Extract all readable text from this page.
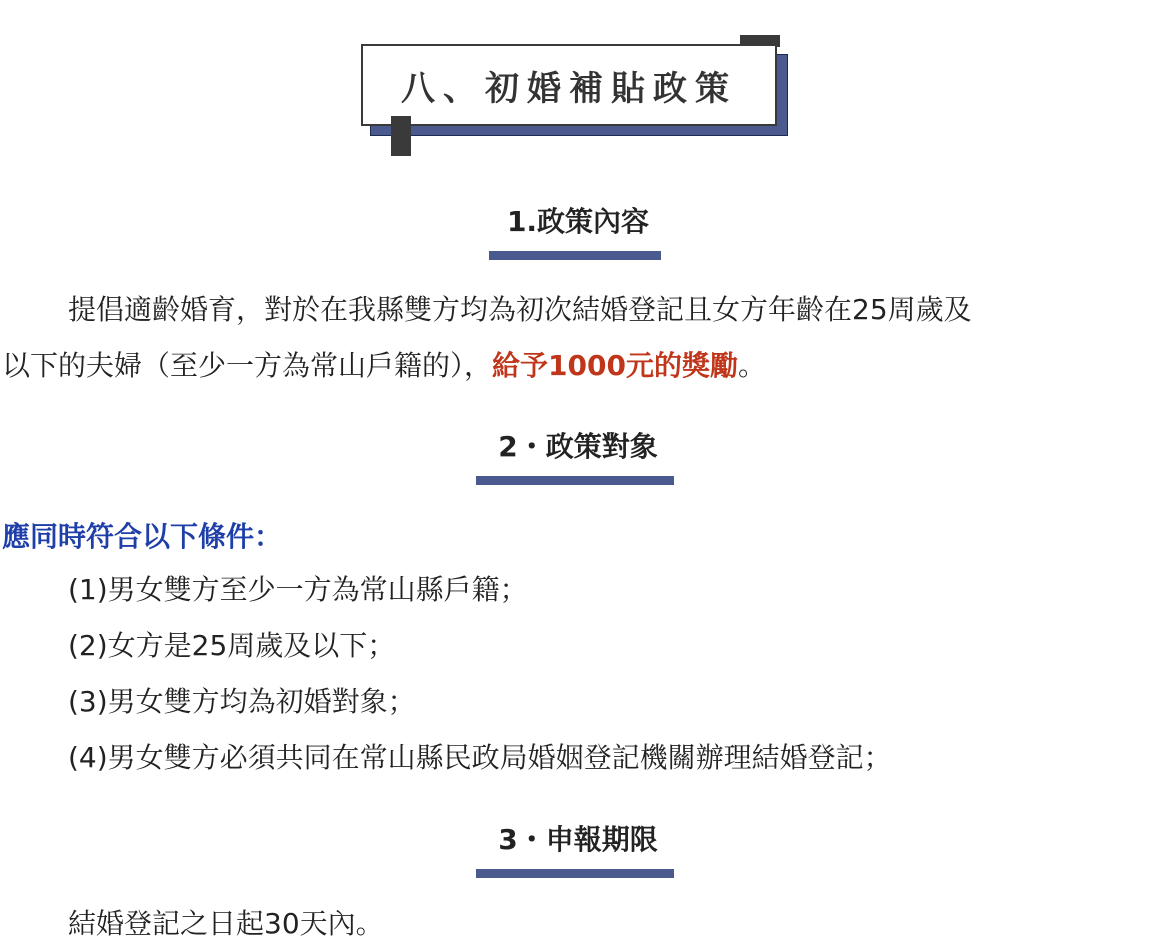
八、初婚補貼政策
1.政策內容
提倡適齡婚育，對於在我縣雙方均為初次結婚登記且女方年齡在25周歲及
以下的夫婦（至少一方為常山戶籍的），給予1000元的獎勵。
2・政策對象
應同時符合以下條件：
(1)男女雙方至少一方為常山縣戶籍；
(2)女方是25周歲及以下；
(3)男女雙方均為初婚對象；
(4)男女雙方必須共同在常山縣民政局婚姻登記機關辦理結婚登記；
3・申報期限
結婚登記之日起30天內。
